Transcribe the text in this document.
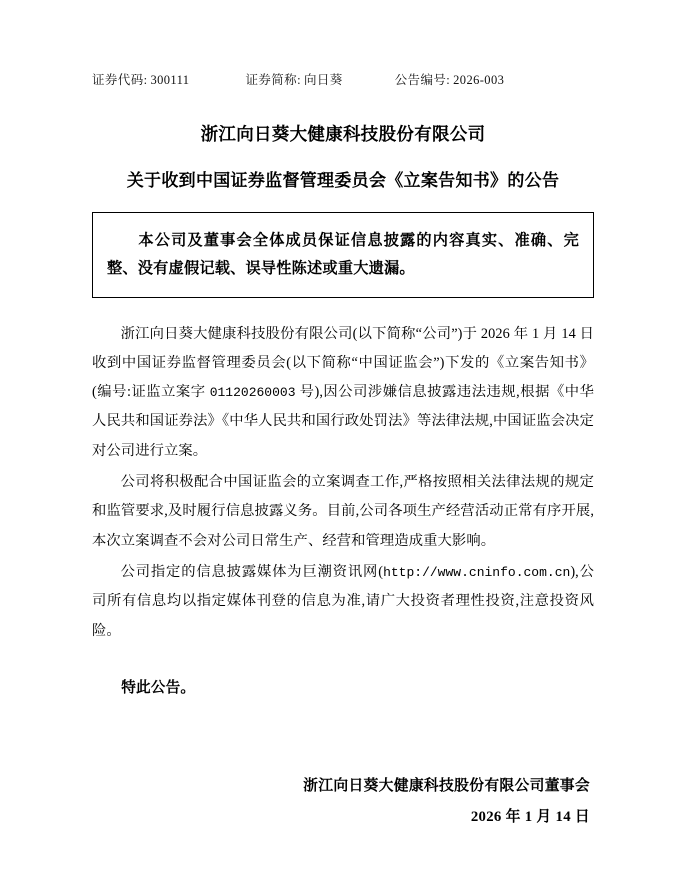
证券代码: 300111	证券简称: 向日葵	公告编号: 2026-003
浙江向日葵大健康科技股份有限公司
关于收到中国证券监督管理委员会《立案告知书》的公告
本公司及董事会全体成员保证信息披露的内容真实、准确、完整、没有虚假记载、误导性陈述或重大遗漏。

浙江向日葵大健康科技股份有限公司(以下简称“公司”)于 2026 年 1 月 14 日收到中国证券监督管理委员会(以下简称“中国证监会”)下发的《立案告知书》(编号:证监立案字 01120260003 号),因公司涉嫌信息披露违法违规,根据《中华人民共和国证券法》《中华人民共和国行政处罚法》等法律法规,中国证监会决定对公司进行立案。

公司将积极配合中国证监会的立案调查工作,严格按照相关法律法规的规定和监管要求,及时履行信息披露义务。目前,公司各项生产经营活动正常有序开展,本次立案调查不会对公司日常生产、经营和管理造成重大影响。

公司指定的信息披露媒体为巨潮资讯网(http://www.cninfo.com.cn),公司所有信息均以指定媒体刊登的信息为准,请广大投资者理性投资,注意投资风险。

特此公告。

浙江向日葵大健康科技股份有限公司董事会
2026 年 1 月 14 日
